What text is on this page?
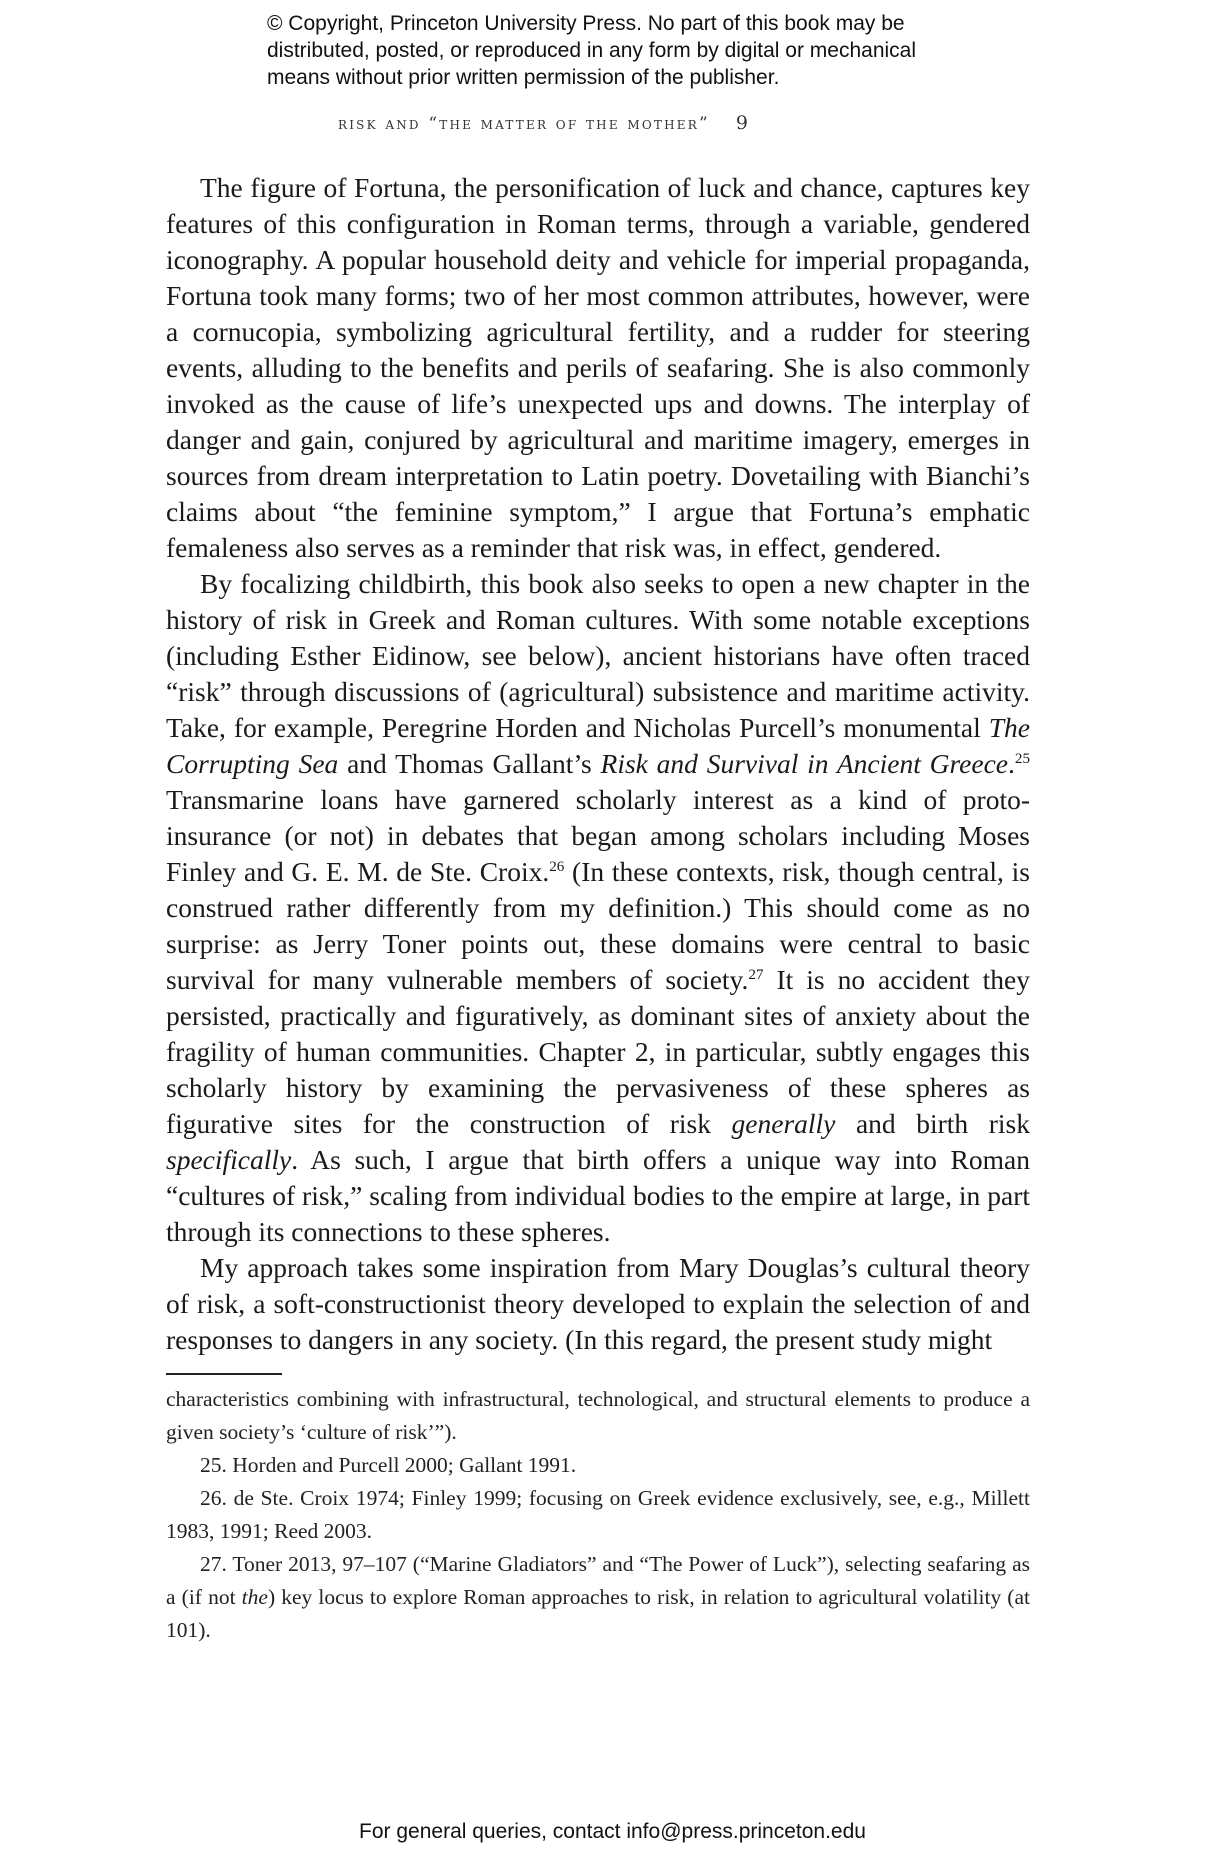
© Copyright, Princeton University Press. No part of this book may be
distributed, posted, or reproduced in any form by digital or mechanical
means without prior written permission of the publisher.
risk and “the matter of the mother” 9

The figure of Fortuna, the personification of luck and chance, captures key features of this configuration in Roman terms, through a variable, gendered iconography. A popular household deity and vehicle for imperial propaganda, Fortuna took many forms; two of her most common attributes, however, were a cornucopia, symbolizing agricultural fertility, and a rudder for steering events, alluding to the benefits and perils of seafaring. She is also commonly invoked as the cause of life’s unexpected ups and downs. The interplay of danger and gain, conjured by agricultural and maritime imagery, emerges in sources from dream interpretation to Latin poetry. Dovetailing with Bianchi’s claims about “the feminine symptom,” I argue that Fortuna’s emphatic femaleness also serves as a reminder that risk was, in effect, gendered.

By focalizing childbirth, this book also seeks to open a new chapter in the history of risk in Greek and Roman cultures. With some notable exceptions (including Esther Eidinow, see below), ancient historians have often traced “risk” through discussions of (agricultural) subsistence and maritime activity. Take, for example, Peregrine Horden and Nicholas Purcell’s monumental The Corrupting Sea and Thomas Gallant’s Risk and Survival in Ancient Greece.$^{25}$ Transmarine loans have garnered scholarly interest as a kind of proto-insurance (or not) in debates that began among scholars including Moses Finley and G. E. M. de Ste. Croix.$^{26}$ (In these contexts, risk, though central, is construed rather differently from my definition.) This should come as no surprise: as Jerry Toner points out, these domains were central to basic survival for many vulnerable members of society.$^{27}$ It is no accident they persisted, practically and figuratively, as dominant sites of anxiety about the fragility of human communities. Chapter 2, in particular, subtly engages this scholarly history by examining the pervasiveness of these spheres as figurative sites for the construction of risk generally and birth risk specifically. As such, I argue that birth offers a unique way into Roman “cultures of risk,” scaling from individual bodies to the empire at large, in part through its connections to these spheres.

My approach takes some inspiration from Mary Douglas’s cultural theory of risk, a soft-constructionist theory developed to explain the selection of and responses to dangers in any society. (In this regard, the present study might

characteristics combining with infrastructural, technological, and structural elements to produce a given society’s ‘culture of risk’”).

25. Horden and Purcell 2000; Gallant 1991.

26. de Ste. Croix 1974; Finley 1999; focusing on Greek evidence exclusively, see, e.g., Millett 1983, 1991; Reed 2003.

27. Toner 2013, 97–107 (“Marine Gladiators” and “The Power of Luck”), selecting seafaring as a (if not the) key locus to explore Roman approaches to risk, in relation to agricultural volatility (at 101).

For general queries, contact info@press.princeton.edu
